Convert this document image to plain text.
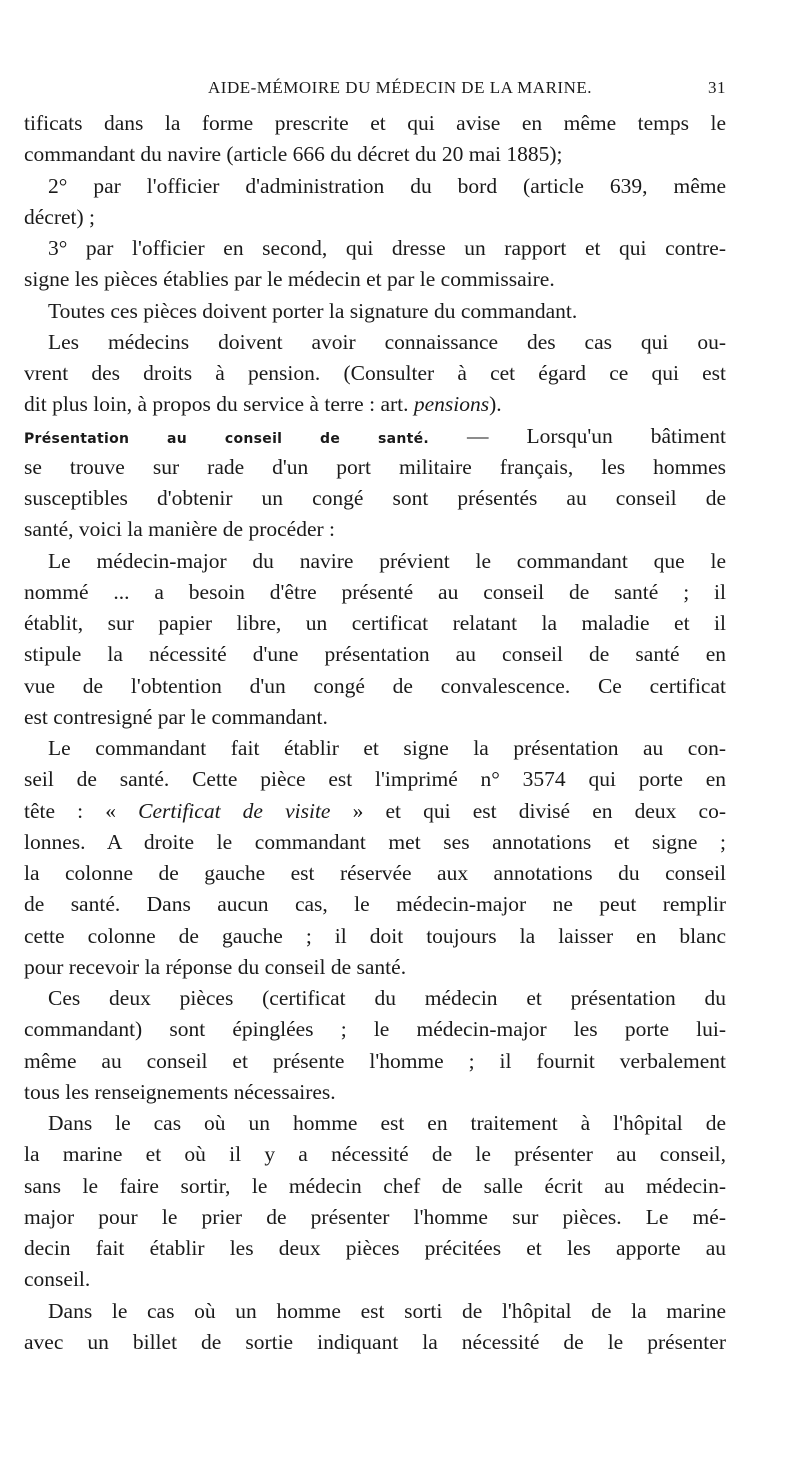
AIDE-MÉMOIRE DU MÉDECIN DE LA MARINE.	31
tificats dans la forme prescrite et qui avise en même temps le
commandant du navire (article 666 du décret du 20 mai 1885);
2° par l'officier d'administration du bord (article 639, même
décret) ;
3° par l'officier en second, qui dresse un rapport et qui contre-
signe les pièces établies par le médecin et par le commissaire.
Toutes ces pièces doivent porter la signature du commandant.
Les médecins doivent avoir connaissance des cas qui ou-
vrent des droits à pension. (Consulter à cet égard ce qui est
dit plus loin, à propos du service à terre : art. pensions).
Présentation au conseil de santé. — Lorsqu'un bâtiment
se trouve sur rade d'un port militaire français, les hommes
susceptibles d'obtenir un congé sont présentés au conseil de
santé, voici la manière de procéder :
Le médecin-major du navire prévient le commandant que le
nommé ... a besoin d'être présenté au conseil de santé ; il
établit, sur papier libre, un certificat relatant la maladie et il
stipule la nécessité d'une présentation au conseil de santé en
vue de l'obtention d'un congé de convalescence. Ce certificat
est contresigné par le commandant.
Le commandant fait établir et signe la présentation au con-
seil de santé. Cette pièce est l'imprimé n° 3574 qui porte en
tête : « Certificat de visite » et qui est divisé en deux co-
lonnes. A droite le commandant met ses annotations et signe ;
la colonne de gauche est réservée aux annotations du conseil
de santé. Dans aucun cas, le médecin-major ne peut remplir
cette colonne de gauche ; il doit toujours la laisser en blanc
pour recevoir la réponse du conseil de santé.
Ces deux pièces (certificat du médecin et présentation du
commandant) sont épinglées ; le médecin-major les porte lui-
même au conseil et présente l'homme ; il fournit verbalement
tous les renseignements nécessaires.
Dans le cas où un homme est en traitement à l'hôpital de
la marine et où il y a nécessité de le présenter au conseil,
sans le faire sortir, le médecin chef de salle écrit au médecin-
major pour le prier de présenter l'homme sur pièces. Le mé-
decin fait établir les deux pièces précitées et les apporte au
conseil.
Dans le cas où un homme est sorti de l'hôpital de la marine
avec un billet de sortie indiquant la nécessité de le présenter
